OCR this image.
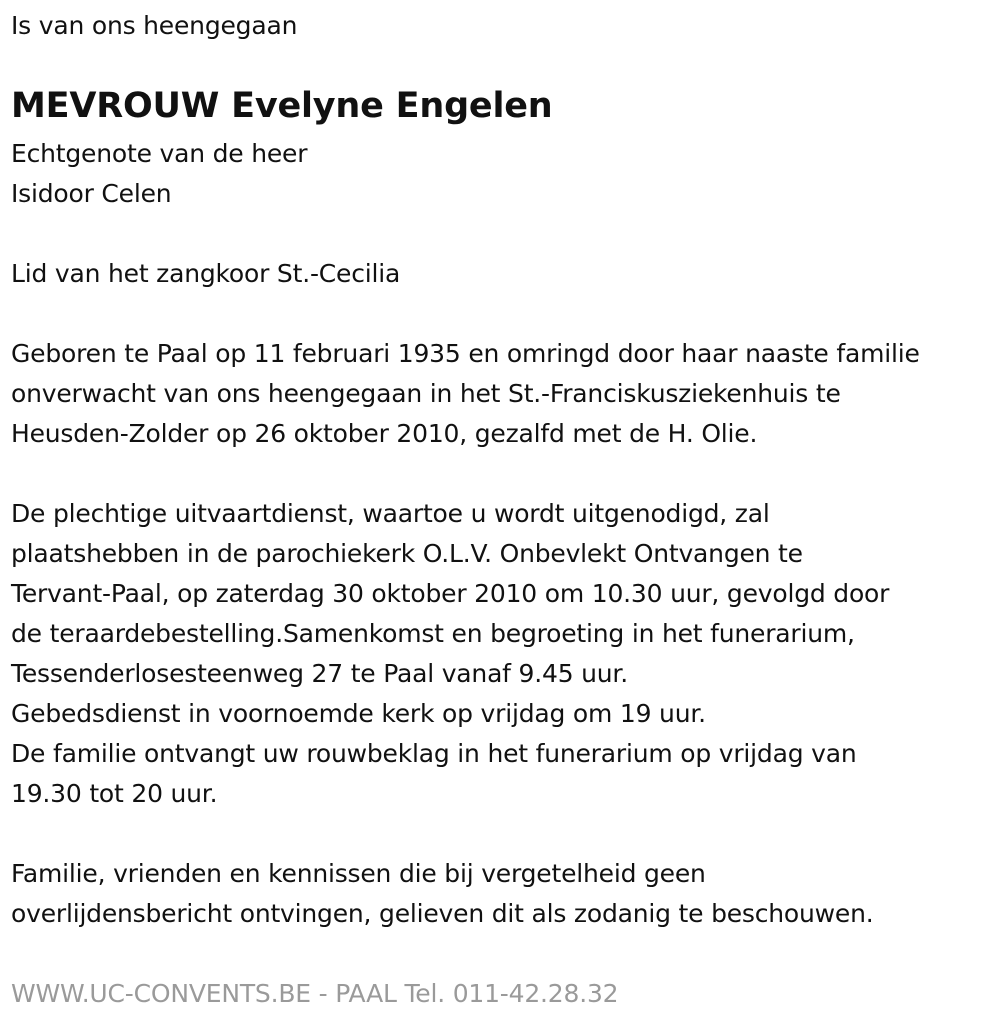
Is van ons heengegaan
MEVROUW Evelyne Engelen
Echtgenote van de heer
Isidoor Celen
Lid van het zangkoor St.-Cecilia
Geboren te Paal op 11 februari 1935 en omringd door haar naaste familie
onverwacht van ons heengegaan in het St.-Franciskusziekenhuis te
Heusden-Zolder op 26 oktober 2010, gezalfd met de H. Olie.
De plechtige uitvaartdienst, waartoe u wordt uitgenodigd, zal
plaatshebben in de parochiekerk O.L.V. Onbevlekt Ontvangen te
Tervant-Paal, op zaterdag 30 oktober 2010 om 10.30 uur, gevolgd door
de teraardebestelling.Samenkomst en begroeting in het funerarium,
Tessenderlosesteenweg 27 te Paal vanaf 9.45 uur.
Gebedsdienst in voornoemde kerk op vrijdag om 19 uur.
De familie ontvangt uw rouwbeklag in het funerarium op vrijdag van
19.30 tot 20 uur.
Familie, vrienden en kennissen die bij vergetelheid geen
overlijdensbericht ontvingen, gelieven dit als zodanig te beschouwen.
WWW.UC-CONVENTS.BE - PAAL Tel. 011-42.28.32
